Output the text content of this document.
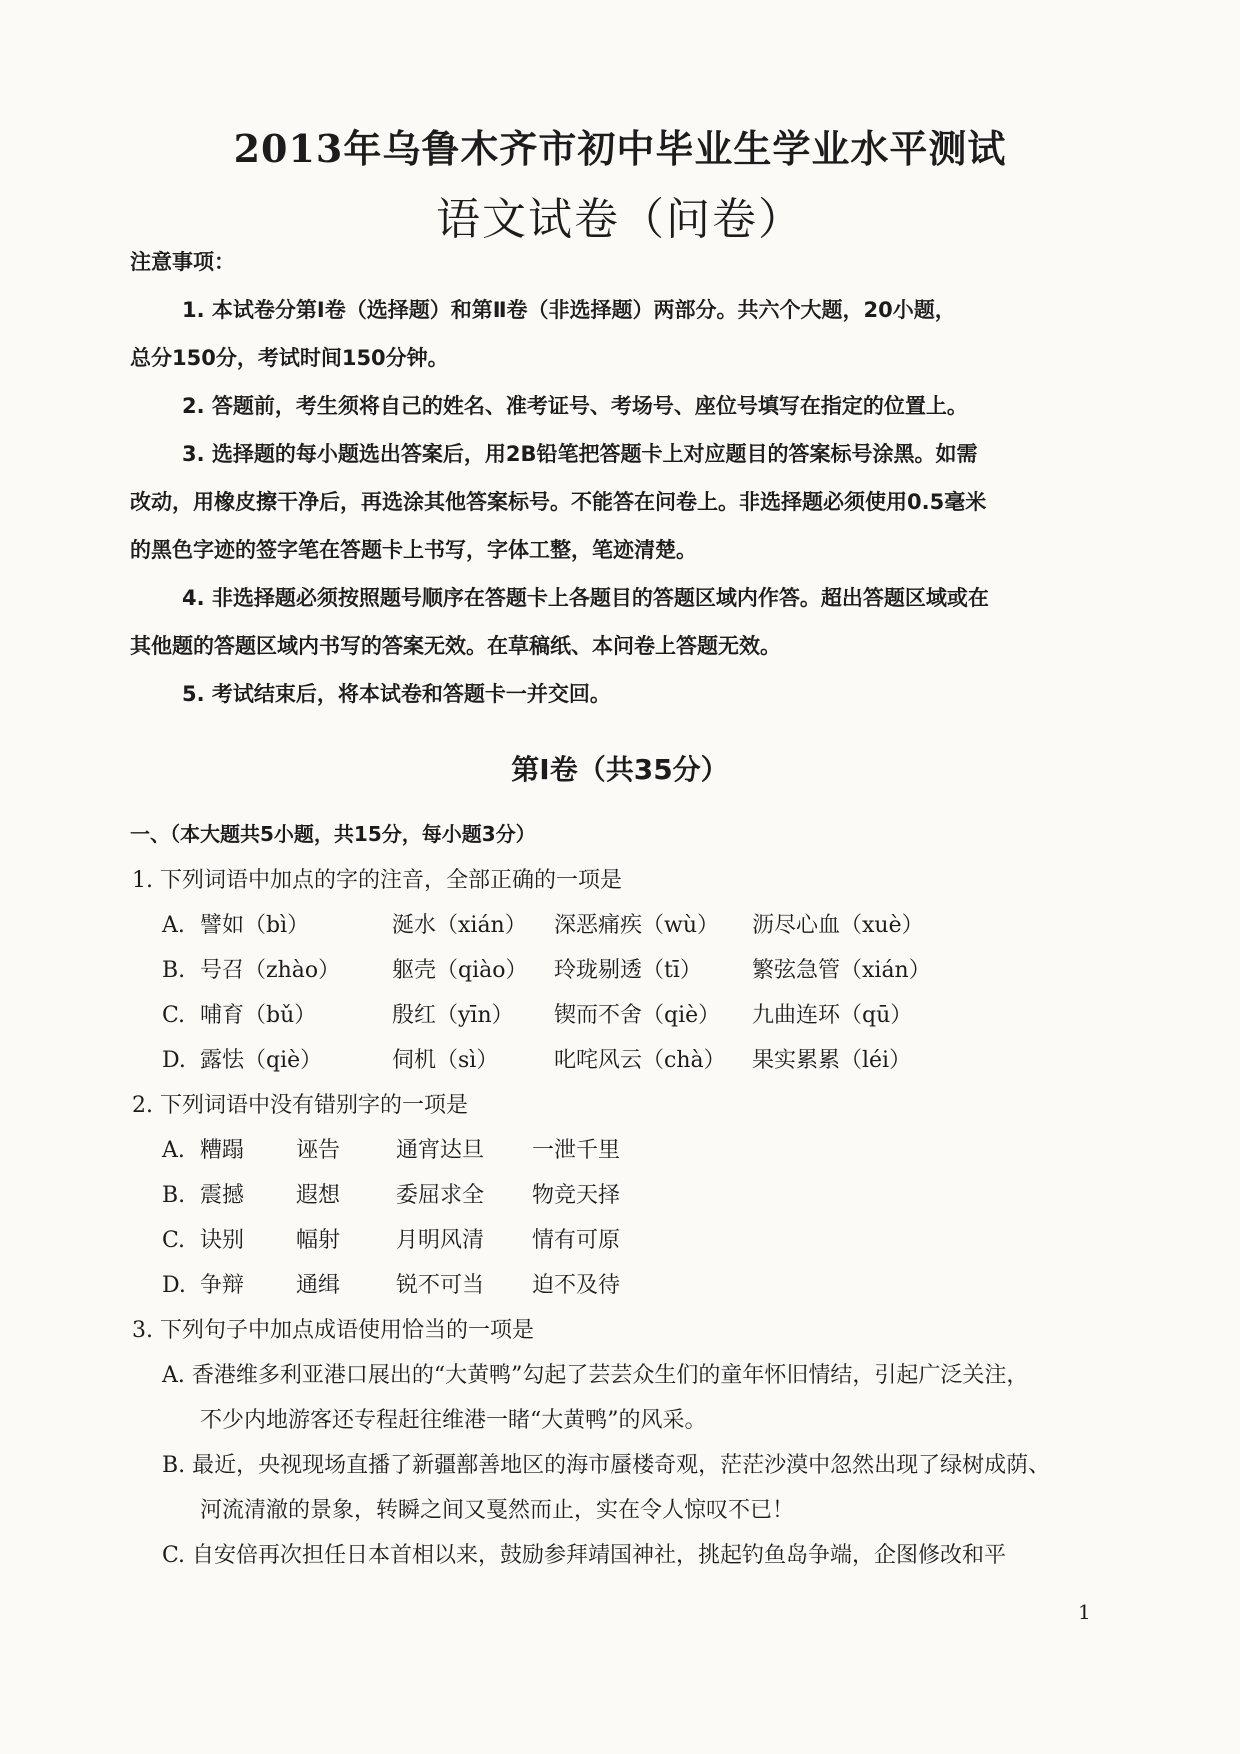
2013年乌鲁木齐市初中毕业生学业水平测试
语文试卷（问卷）
注意事项：
1. 本试卷分第Ⅰ卷（选择题）和第Ⅱ卷（非选择题）两部分。共六个大题，20小题，
总分150分，考试时间150分钟。
2. 答题前，考生须将自己的姓名、准考证号、考场号、座位号填写在指定的位置上。
3. 选择题的每小题选出答案后，用2B铅笔把答题卡上对应题目的答案标号涂黑。如需
改动，用橡皮擦干净后，再选涂其他答案标号。不能答在问卷上。非选择题必须使用0.5毫米
的黑色字迹的签字笔在答题卡上书写，字体工整，笔迹清楚。
4. 非选择题必须按照题号顺序在答题卡上各题目的答题区域内作答。超出答题区域或在
其他题的答题区域内书写的答案无效。在草稿纸、本问卷上答题无效。
5. 考试结束后，将本试卷和答题卡一并交回。
第Ⅰ卷（共35分）
一、（本大题共5小题，共15分，每小题3分）
1. 下列词语中加点的字的注音，全部正确的一项是
A. 譬如（bì）	涎水（xián）	深恶痛疾（wù）	沥尽心血（xuè）
B. 号召（zhào）	躯壳（qiào）	玲珑剔透（tī）	繁弦急管（xián）
C. 哺育（bǔ）	殷红（yīn）	锲而不舍（qiè）	九曲连环（qū）
D. 露怯（qiè）	伺机（sì）	叱咤风云（chà）	果实累累（léi）
2. 下列词语中没有错别字的一项是
A. 糟蹋	诬告	通宵达旦	一泄千里
B. 震撼	遐想	委屈求全	物竞天择
C. 诀别	幅射	月明风清	情有可原
D. 争辩	通缉	锐不可当	迫不及待
3. 下列句子中加点成语使用恰当的一项是
A. 香港维多利亚港口展出的“大黄鸭”勾起了芸芸众生们的童年怀旧情结，引起广泛关注，
不少内地游客还专程赶往维港一睹“大黄鸭”的风采。
B. 最近，央视现场直播了新疆鄯善地区的海市蜃楼奇观，茫茫沙漠中忽然出现了绿树成荫、
河流清澈的景象，转瞬之间又戛然而止，实在令人惊叹不已！
C. 自安倍再次担任日本首相以来，鼓励参拜靖国神社，挑起钓鱼岛争端，企图修改和平
1
